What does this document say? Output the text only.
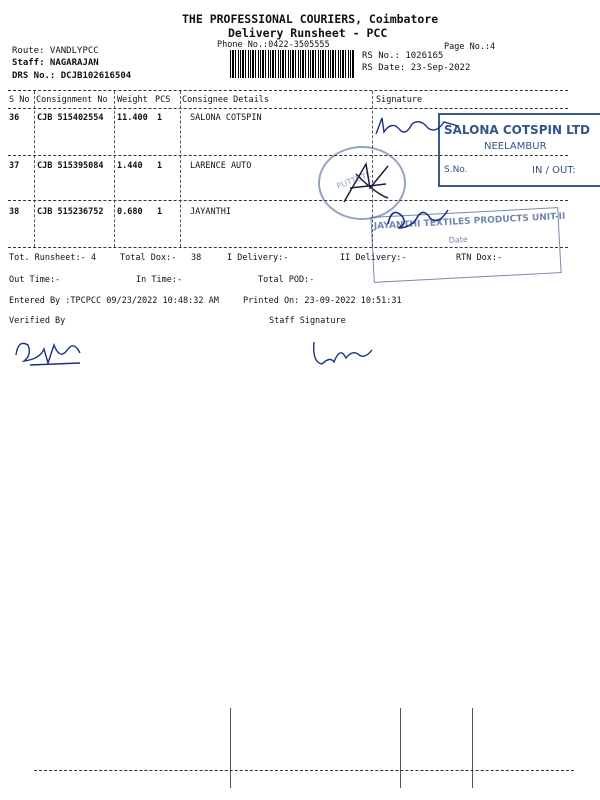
THE PROFESSIONAL COURIERS, Coimbatore
Delivery Runsheet - PCC
Phone No.:0422-3505555	Page No.:4
Route: VANDLYPCC
Staff: NAGARAJAN
DRS No.: DCJB102616504
RS No.: 1026165
RS Date: 23-Sep-2022
S No Consignment No Weight PCS Consignee Details	Signature
36 CJB 515402554 11.400 1	SALONA COTSPIN
37 CJB 515395084 1.440 1	LARENCE AUTO
38 CJB 515236752 0.680 1	JAYANTHI
Tot. Runsheet:- 4	Total Dox:- 38	I Delivery:-	II Delivery:-	RTN Dox:-
Out Time:-	In Time:-	Total POD:-
Entered By :TPCPCC 09/23/2022 10:48:32 AM	Printed On: 23-09-2022 10:51:31
Verified By	Staff Signature
SALONA COTSPIN LTD
NEELAMBUR
S.No.	IN / OUT:
PUTTUTL
JAYANTHI TEXTILES PRODUCTS UNIT-II
Date
